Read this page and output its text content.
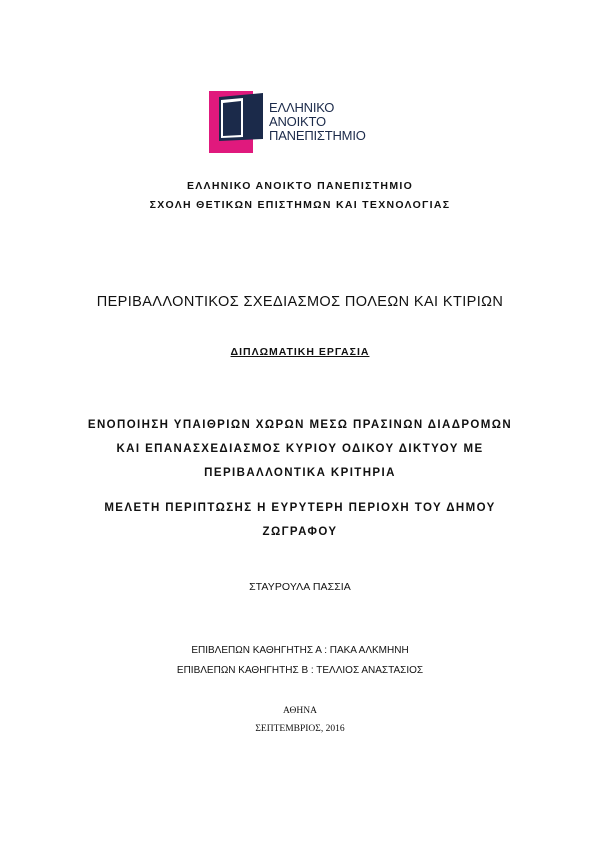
ΕΛΛΗΝΙΚΟ
ΑΝΟΙΚΤΟ
ΠΑΝΕΠΙΣΤΗΜΙΟ
ΕΛΛΗΝΙΚΟ ΑΝΟΙΚΤΟ ΠΑΝΕΠΙΣΤΗΜΙΟ
ΣΧΟΛΗ ΘΕΤΙΚΩΝ ΕΠΙΣΤΗΜΩΝ ΚΑΙ ΤΕΧΝΟΛΟΓΙΑΣ
ΠΕΡΙΒΑΛΛΟΝΤΙΚΟΣ ΣΧΕΔΙΑΣΜΟΣ ΠΟΛΕΩΝ ΚΑΙ ΚΤΙΡΙΩΝ
ΔΙΠΛΩΜΑΤΙΚΗ ΕΡΓΑΣΙΑ
ΕΝΟΠΟΙΗΣΗ ΥΠΑΙΘΡΙΩΝ ΧΩΡΩΝ ΜΕΣΩ ΠΡΑΣΙΝΩΝ ΔΙΑΔΡΟΜΩΝ
ΚΑΙ ΕΠΑΝΑΣΧΕΔΙΑΣΜΟΣ ΚΥΡΙΟΥ ΟΔΙΚΟΥ ΔΙΚΤΥΟΥ ΜΕ
ΠΕΡΙΒΑΛΛΟΝΤΙΚΑ ΚΡΙΤΗΡΙΑ
ΜΕΛΕΤΗ ΠΕΡΙΠΤΩΣΗΣ Η ΕΥΡΥΤΕΡΗ ΠΕΡΙΟΧΗ ΤΟΥ ΔΗΜΟΥ
ΖΩΓΡΑΦΟΥ
ΣΤΑΥΡΟΥΛΑ ΠΑΣΣΙΑ
ΕΠΙΒΛΕΠΩΝ ΚΑΘΗΓΗΤΗΣ Α : ΠΑΚΑ ΑΛΚΜΗΝΗ
ΕΠΙΒΛΕΠΩΝ ΚΑΘΗΓΗΤΗΣ Β : ΤΕΛΛΙΟΣ ΑΝΑΣΤΑΣΙΟΣ
ΑΘΗΝΑ
ΣΕΠΤΕΜΒΡΙΟΣ, 2016
